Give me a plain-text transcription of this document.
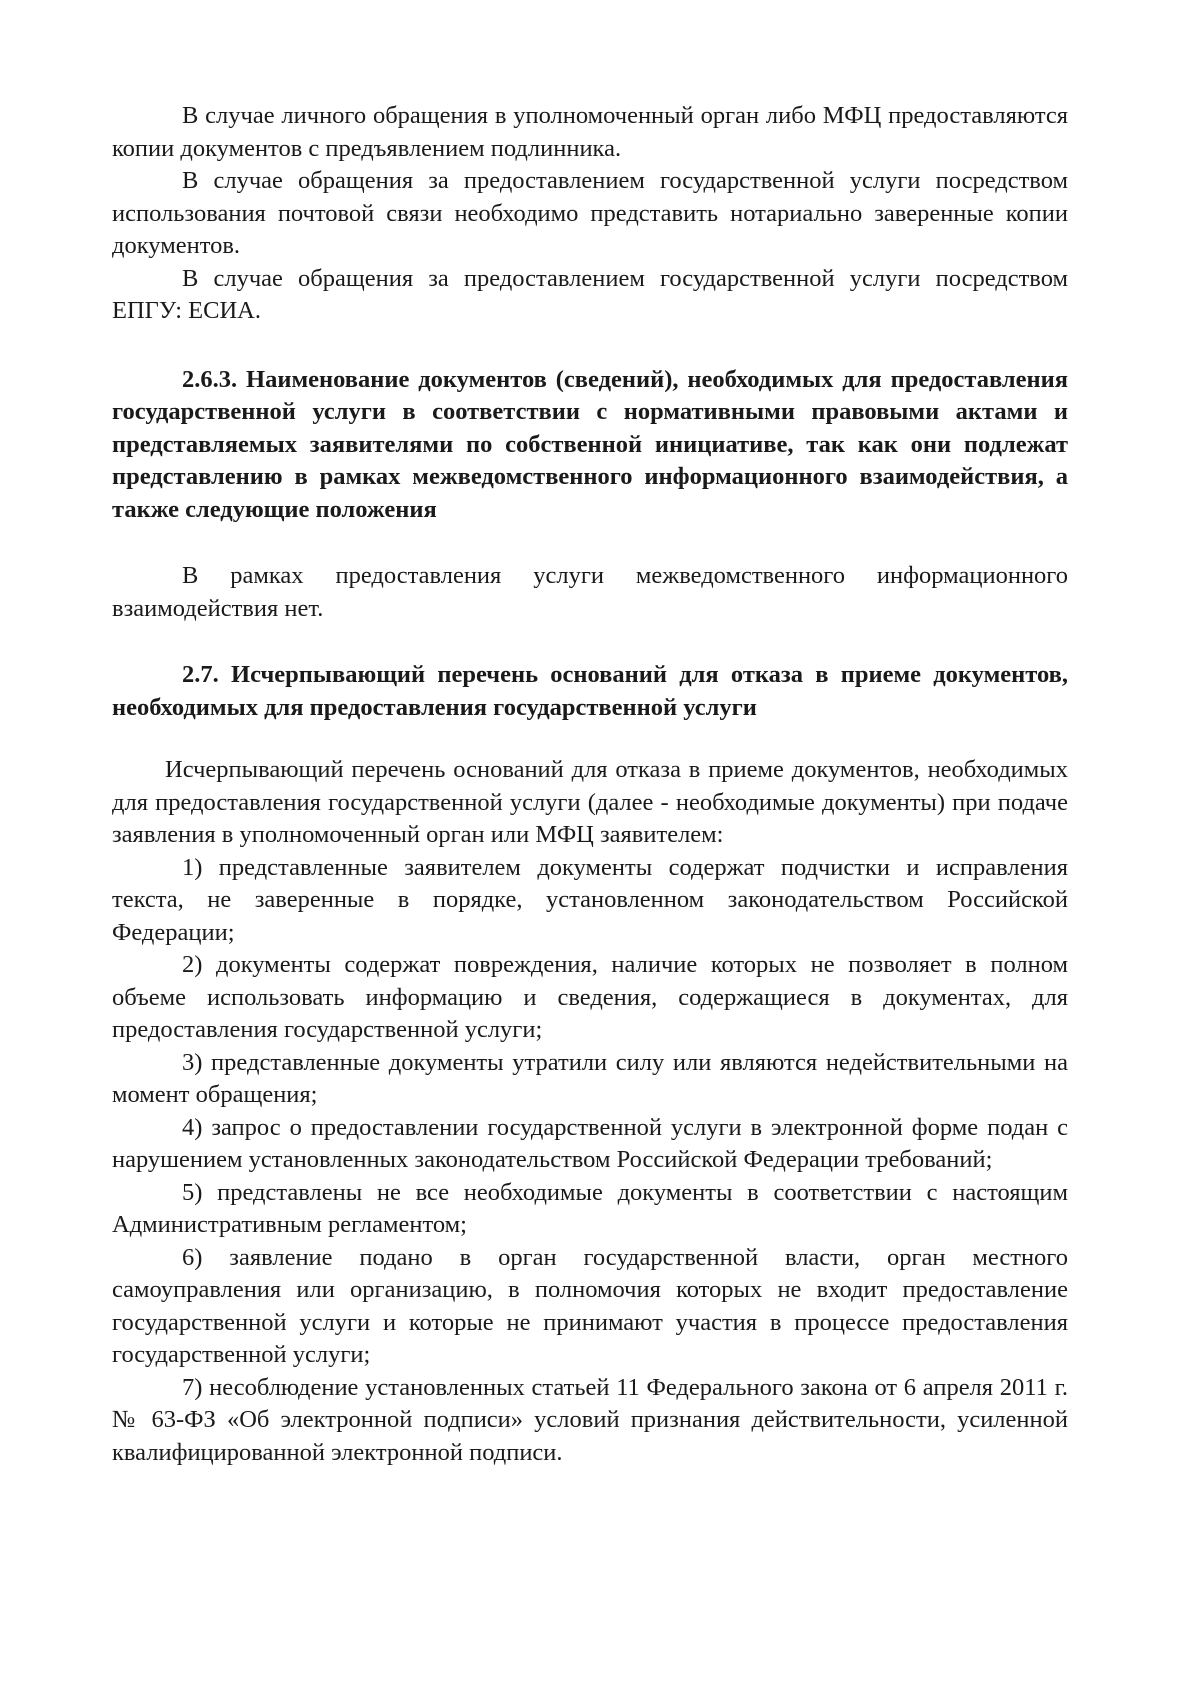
В случае личного обращения в уполномоченный орган либо МФЦ предоставляются копии документов с предъявлением подлинника.

В случае обращения за предоставлением государственной услуги посредством использования почтовой связи необходимо представить нотариально заверенные копии документов.

В случае обращения за предоставлением государственной услуги посредством ЕПГУ: ЕСИА.

2.6.3. Наименование документов (сведений), необходимых для предоставления государственной услуги в соответствии с нормативными правовыми актами и представляемых заявителями по собственной инициативе, так как они подлежат представлению в рамках межведомственного информационного взаимодействия, а также следующие положения

В рамках предоставления услуги межведомственного информационного взаимодействия нет.

2.7. Исчерпывающий перечень оснований для отказа в приеме документов, необходимых для предоставления государственной услуги

Исчерпывающий перечень оснований для отказа в приеме документов, необходимых для предоставления государственной услуги (далее - необходимые документы) при подаче заявления в уполномоченный орган или МФЦ заявителем:

1) представленные заявителем документы содержат подчистки и исправления текста, не заверенные в порядке, установленном законодательством Российской Федерации;

2) документы содержат повреждения, наличие которых не позволяет в полном объеме использовать информацию и сведения, содержащиеся в документах, для предоставления государственной услуги;

3) представленные документы утратили силу или являются недействительными на момент обращения;

4) запрос о предоставлении государственной услуги в электронной форме подан с нарушением установленных законодательством Российской Федерации требований;

5) представлены не все необходимые документы в соответствии с настоящим Административным регламентом;

6) заявление подано в орган государственной власти, орган местного самоуправления или организацию, в полномочия которых не входит предоставление государственной услуги и которые не принимают участия в процессе предоставления государственной услуги;

7) несоблюдение установленных статьей 11 Федерального закона от 6 апреля 2011 г. № 63-ФЗ «Об электронной подписи» условий признания действительности, усиленной квалифицированной электронной подписи.
